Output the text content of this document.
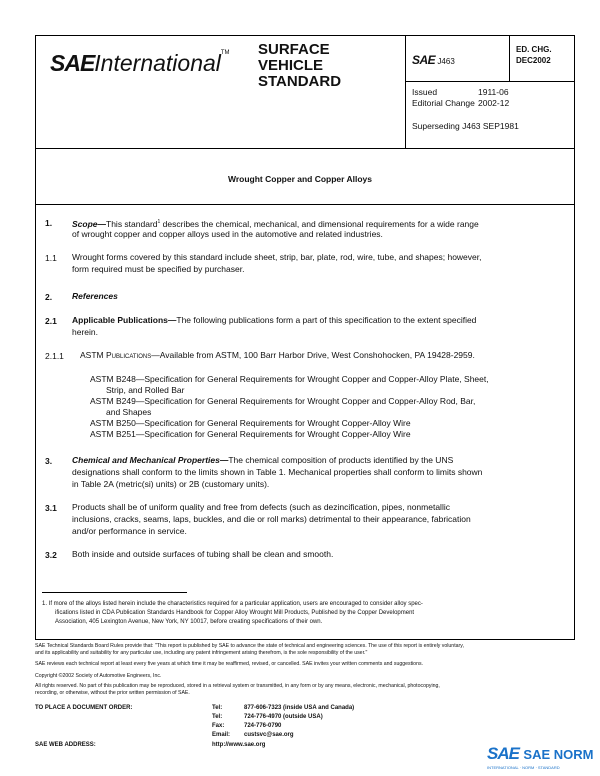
SAEInternational™ SURFACE
VEHICLE
STANDARD
SAE J463
ED. CHG.
DEC2002
Issued	1911-06
Editorial Change 2002-12
Superseding J463 SEP1981
Wrought Copper and Copper Alloys
1. Scope—This standard$^1$ describes the chemical, mechanical, and dimensional requirements for a wide range
of wrought copper and copper alloys used in the automotive and related industries.
1.1 Wrought forms covered by this standard include sheet, strip, bar, plate, rod, wire, tube, and shapes; however,
form required must be specified by purchaser.
2. References
2.1 Applicable Publications—The following publications form a part of this specification to the extent specified
herein.
2.1.1 ASTM Publications—Available from ASTM, 100 Barr Harbor Drive, West Conshohocken, PA 19428-2959.
ASTM B248—Specification for General Requirements for Wrought Copper and Copper-Alloy Plate, Sheet,
Strip, and Rolled Bar
ASTM B249—Specification for General Requirements for Wrought Copper and Copper-Alloy Rod, Bar,
and Shapes
ASTM B250—Specification for General Requirements for Wrought Copper-Alloy Wire
ASTM B251—Specification for General Requirements for Wrought Copper-Alloy Wire
3. Chemical and Mechanical Properties—The chemical composition of products identified by the UNS
designations shall conform to the limits shown in Table 1. Mechanical properties shall conform to limits shown
in Table 2A (metric(si) units) or 2B (customary units).
3.1 Products shall be of uniform quality and free from defects (such as dezincification, pipes, nonmetallic
inclusions, cracks, seams, laps, buckles, and die or roll marks) detrimental to their appearance, fabrication
and/or performance in service.
3.2 Both inside and outside surfaces of tubing shall be clean and smooth.
1. If more of the alloys listed herein include the characteristics required for a particular application, users are encouraged to consider alloy spec-
ifications listed in CDA Publication Standards Handbook for Copper Alloy Wrought Mill Products, Published by the Copper Development
Association, 405 Lexington Avenue, New York, NY 10017, before creating specifications of their own.
SAE Technical Standards Board Rules provide that: "This report is published by SAE to advance the state of technical and engineering sciences. The use of this report is entirely voluntary,
and its applicability and suitability for any particular use, including any patent infringement arising therefrom, is the sole responsibility of the user."
SAE reviews each technical report at least every five years at which time it may be reaffirmed, revised, or cancelled. SAE invites your written comments and suggestions.
Copyright ©2002 Society of Automotive Engineers, Inc.
All rights reserved. No part of this publication may be reproduced, stored in a retrieval system or transmitted, in any form or by any means, electronic, mechanical, photocopying,
recording, or otherwise, without the prior written permission of SAE.
TO PLACE A DOCUMENT ORDER:	Tel:	877-606-7323 (inside USA and Canada)
Tel:	724-776-4970 (outside USA)
Fax:	724-776-0790
Email: custsvc@sae.org
SAE WEB ADDRESS:	http://www.sae.org	SAE SAE NORM
INTERNATIONAL · NORM · STANDARD
